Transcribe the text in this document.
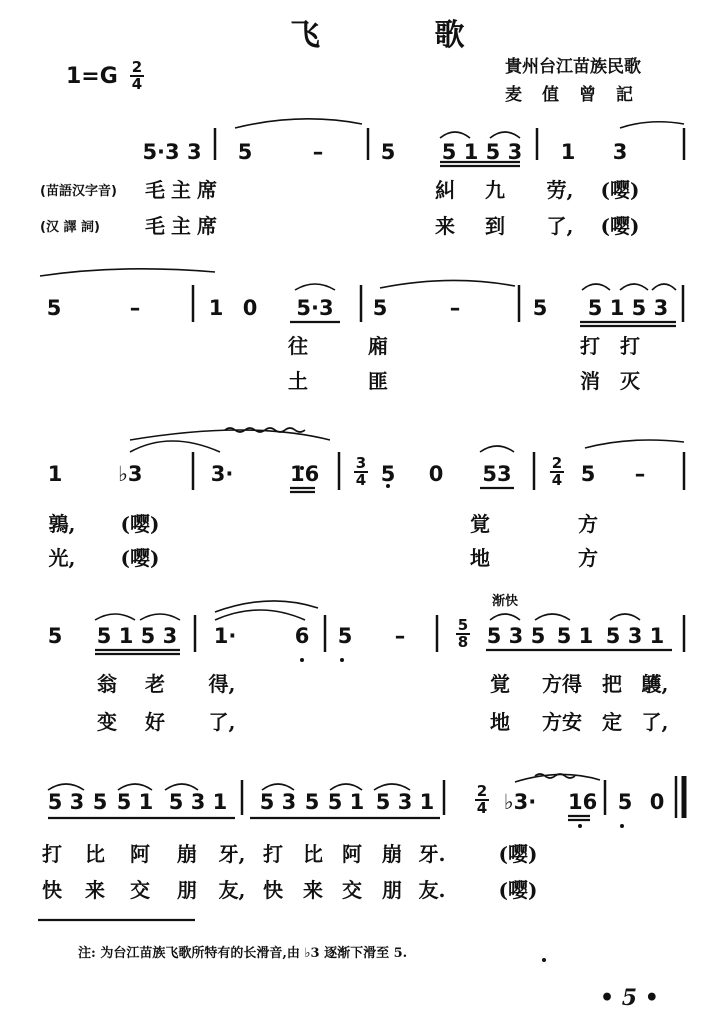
飞 歌
1=G 2
4
貴州台江苗族民歌
麦值曾記
5·3 3 5	–	5	5 1 5 3	1 3
(苗語汉字音)
(汉 譯 詞)
毛主席
毛主席
糾	九	劳,	(嘤)
来	到	了,	(嘤)
5	–	1 0	5·3	5	–	5	5 1 5 3
往	廂	打	打
土	匪	消	灭
1	♭3	3·	16 3
4 5 0 53	2
4 5	–
鶉,	(嘤)	覚	方
光,	(嘤)	地	方
5	5 1 5 3	1·	6 5	–
渐快
5
8 5 3 5 5 1 5 3 1
翁	老	得,	覚	方得	把 鸌,
变	好	了,	地	方安	定 了,
5 3 5 5 1 5 3 1 5 3 5 5 1 5 3 1	2
4 ♭3· 16 5 0
打	比	阿	崩	牙, 打	比 阿	崩 牙.	(嘤)
快	来	交	朋	友, 快	来 交	朋 友.	(嘤)
注: 为台江苗族飞歌所特有的长滑音,由 ♭3 逐渐下滑至 5.
• 5 •
